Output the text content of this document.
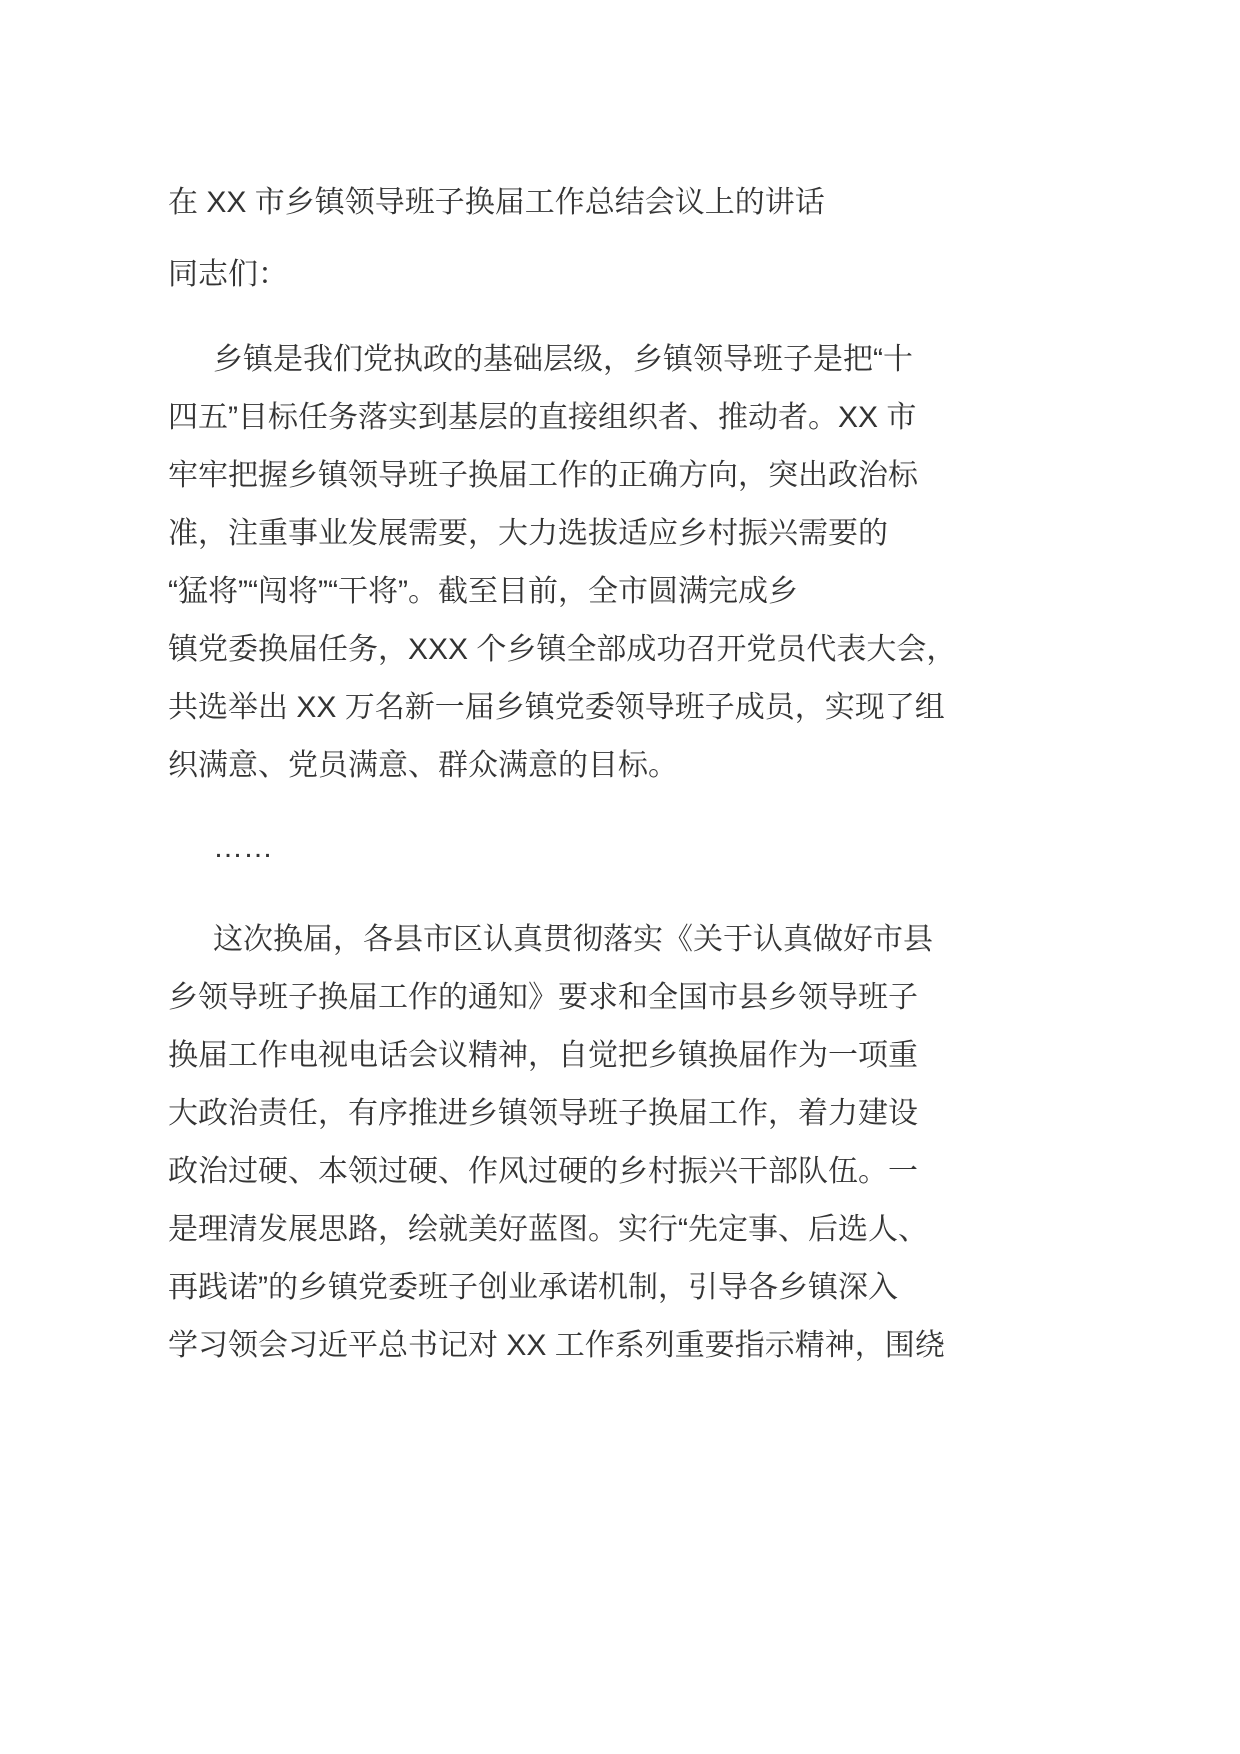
在 XX 市乡镇领导班子换届工作总结会议上的讲话
同志们：
乡镇是我们党执政的基础层级，乡镇领导班子是把“十
四五”目标任务落实到基层的直接组织者、推动者。XX 市
牢牢把握乡镇领导班子换届工作的正确方向，突出政治标
准，注重事业发展需要，大力选拔适应乡村振兴需要的
“猛将”“闯将”“干将”。截至目前，全市圆满完成乡
镇党委换届任务，XXX 个乡镇全部成功召开党员代表大会，
共选举出 XX 万名新一届乡镇党委领导班子成员，实现了组
织满意、党员满意、群众满意的目标。
……
这次换届，各县市区认真贯彻落实《关于认真做好市县
乡领导班子换届工作的通知》要求和全国市县乡领导班子
换届工作电视电话会议精神，自觉把乡镇换届作为一项重
大政治责任，有序推进乡镇领导班子换届工作，着力建设
政治过硬、本领过硬、作风过硬的乡村振兴干部队伍。一
是理清发展思路，绘就美好蓝图。实行“先定事、后选人、
再践诺”的乡镇党委班子创业承诺机制，引导各乡镇深入
学习领会习近平总书记对 XX 工作系列重要指示精神，围绕
